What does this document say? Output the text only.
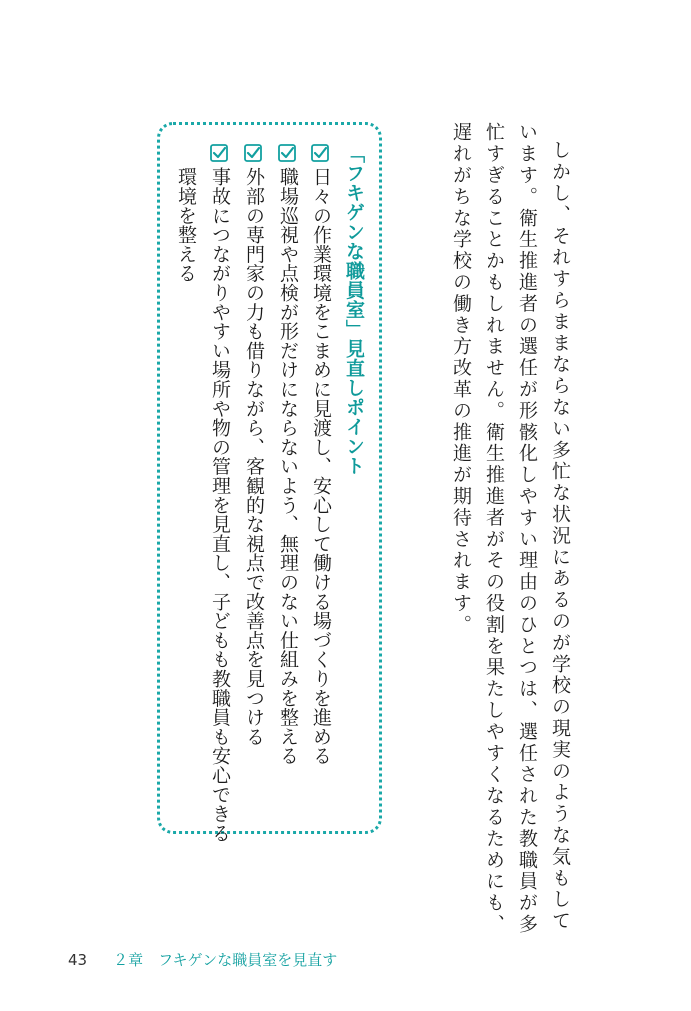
しかし、それすらままならない多忙な状況にあるのが学校の現実のような気もして

います。衛生推進者の選任が形骸化しやすい理由のひとつは、選任された教職員が多

忙すぎることかもしれません。衛生推進者がその役割を果たしやすくなるためにも、

遅れがちな学校の働き方改革の推進が期待されます。

「フキゲンな職員室」見直しポイント

日々の作業環境をこまめに見渡し、安心して働ける場づくりを進める

職場巡視や点検が形だけにならないよう、無理のない仕組みを整える

外部の専門家の力も借りながら、客観的な視点で改善点を見つける

事故につながりやすい場所や物の管理を見直し、子どもも教職員も安心できる

環境を整える

43 ２章　フキゲンな職員室を見直す
